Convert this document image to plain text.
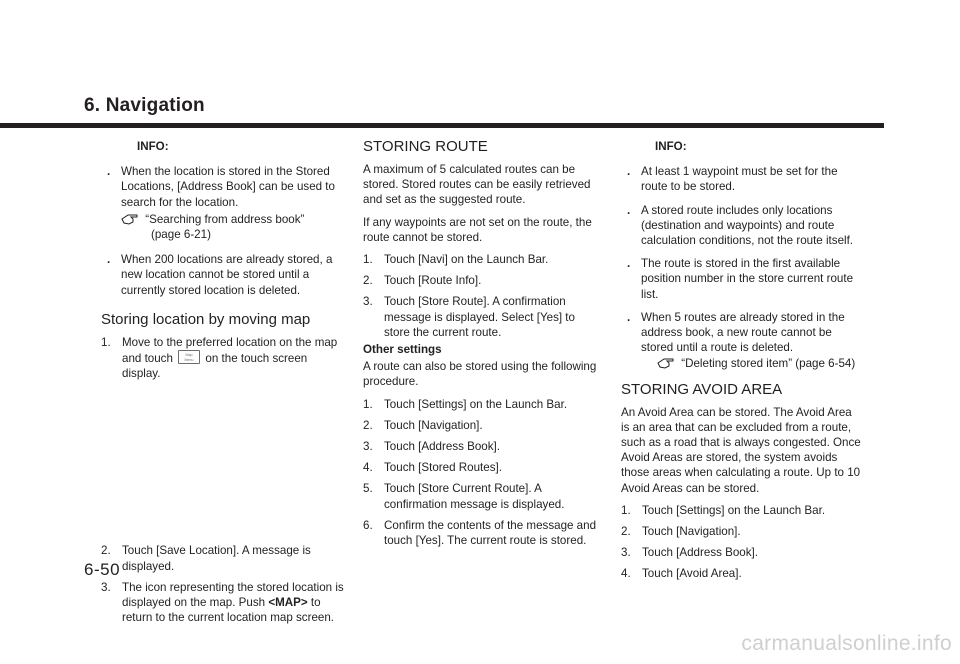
6. Navigation

INFO:

. When the location is stored in the Stored Locations, [Address Book] can be used to search for the location.

“Searching from address book”
(page 6-21)

. When 200 locations are already stored, a new location cannot be stored until a currently stored location is deleted.

Storing location by moving map

1. Move to the preferred location on the map and touch	Map
Menu on the touch screen display.
2. Touch [Save Location]. A message is displayed.
3. The icon representing the stored location is displayed on the map. Push <MAP> to return to the current location map screen.

STORING ROUTE

A maximum of 5 calculated routes can be stored. Stored routes can be easily retrieved and set as the suggested route.

If any waypoints are not set on the route, the route cannot be stored.

1. Touch [Navi] on the Launch Bar.
2. Touch [Route Info].
3. Touch [Store Route]. A confirmation message is displayed. Select [Yes] to store the current route.

Other settings

A route can also be stored using the following procedure.

1. Touch [Settings] on the Launch Bar.
2. Touch [Navigation].
3. Touch [Address Book].
4. Touch [Stored Routes].
5. Touch [Store Current Route]. A confirmation message is displayed.
6. Confirm the contents of the message and touch [Yes]. The current route is stored.

INFO:

. At least 1 waypoint must be set for the route to be stored.
. A stored route includes only locations (destination and waypoints) and route calculation conditions, not the route itself.
. The route is stored in the first available position number in the store current route list.
. When 5 routes are already stored in the address book, a new route cannot be stored until a route is deleted.

“Deleting stored item” (page 6-54)

STORING AVOID AREA

An Avoid Area can be stored. The Avoid Area is an area that can be excluded from a route, such as a road that is always congested. Once Avoid Areas are stored, the system avoids those areas when calculating a route. Up to 10 Avoid Areas can be stored.

1. Touch [Settings] on the Launch Bar.
2. Touch [Navigation].
3. Touch [Address Book].
4. Touch [Avoid Area].
6-50
carmanualsonline.info
